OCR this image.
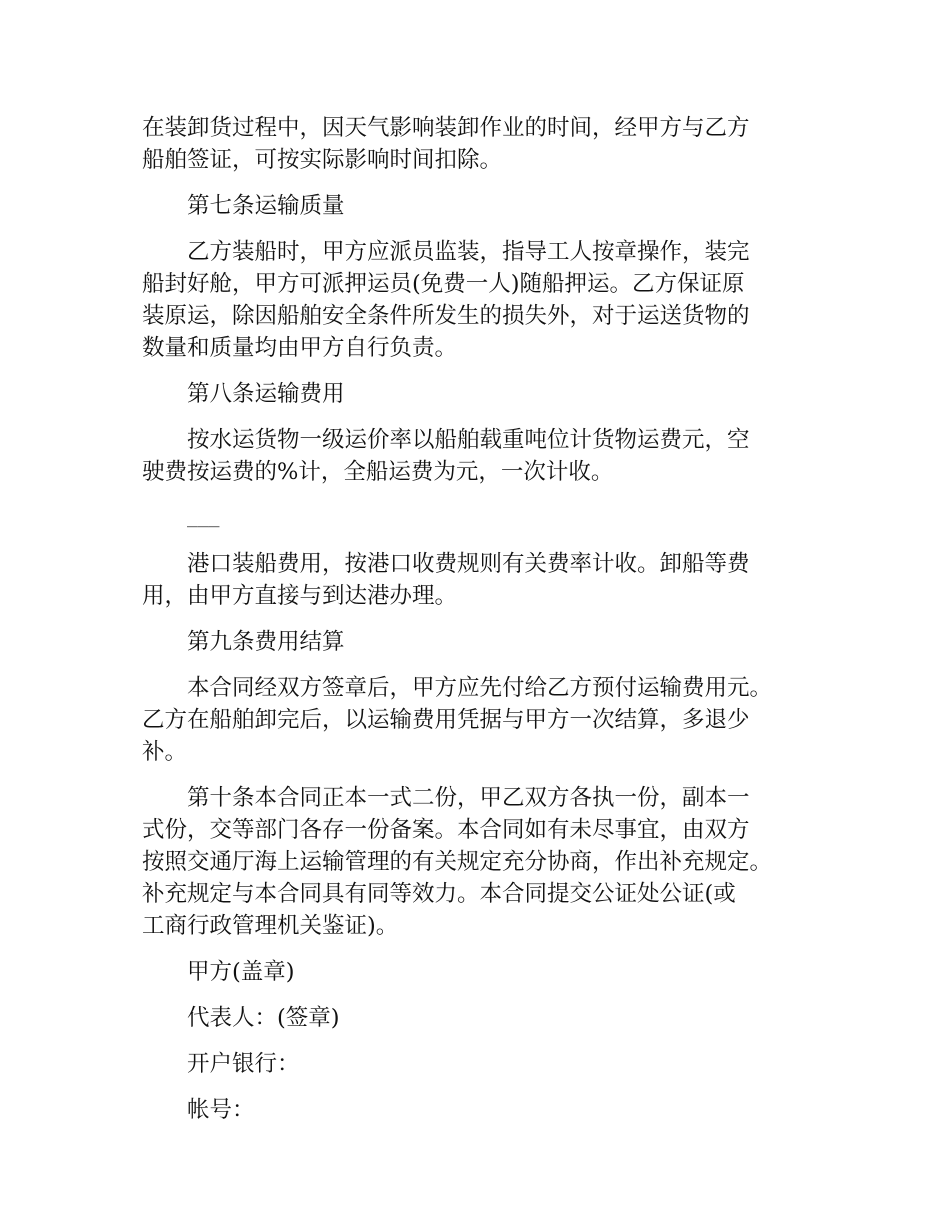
在装卸货过程中，因天气影响装卸作业的时间，经甲方与乙方
船舶签证，可按实际影响时间扣除。

第七条运输质量

乙方装船时，甲方应派员监装，指导工人按章操作，装完
船封好舱，甲方可派押运员(免费一人)随船押运。乙方保证原
装原运，除因船舶安全条件所发生的损失外，对于运送货物的
数量和质量均由甲方自行负责。

第八条运输费用

按水运货物一级运价率以船舶载重吨位计货物运费元，空
驶费按运费的%计，全船运费为元，一次计收。

___

港口装船费用，按港口收费规则有关费率计收。卸船等费
用，由甲方直接与到达港办理。

第九条费用结算

本合同经双方签章后，甲方应先付给乙方预付运输费用元。
乙方在船舶卸完后，以运输费用凭据与甲方一次结算，多退少
补。

第十条本合同正本一式二份，甲乙双方各执一份，副本一
式份，交等部门各存一份备案。本合同如有未尽事宜，由双方
按照交通厅海上运输管理的有关规定充分协商，作出补充规定。
补充规定与本合同具有同等效力。本合同提交公证处公证(或
工商行政管理机关鉴证)。

甲方(盖章)

代表人：(签章)

开户银行：

帐号：
